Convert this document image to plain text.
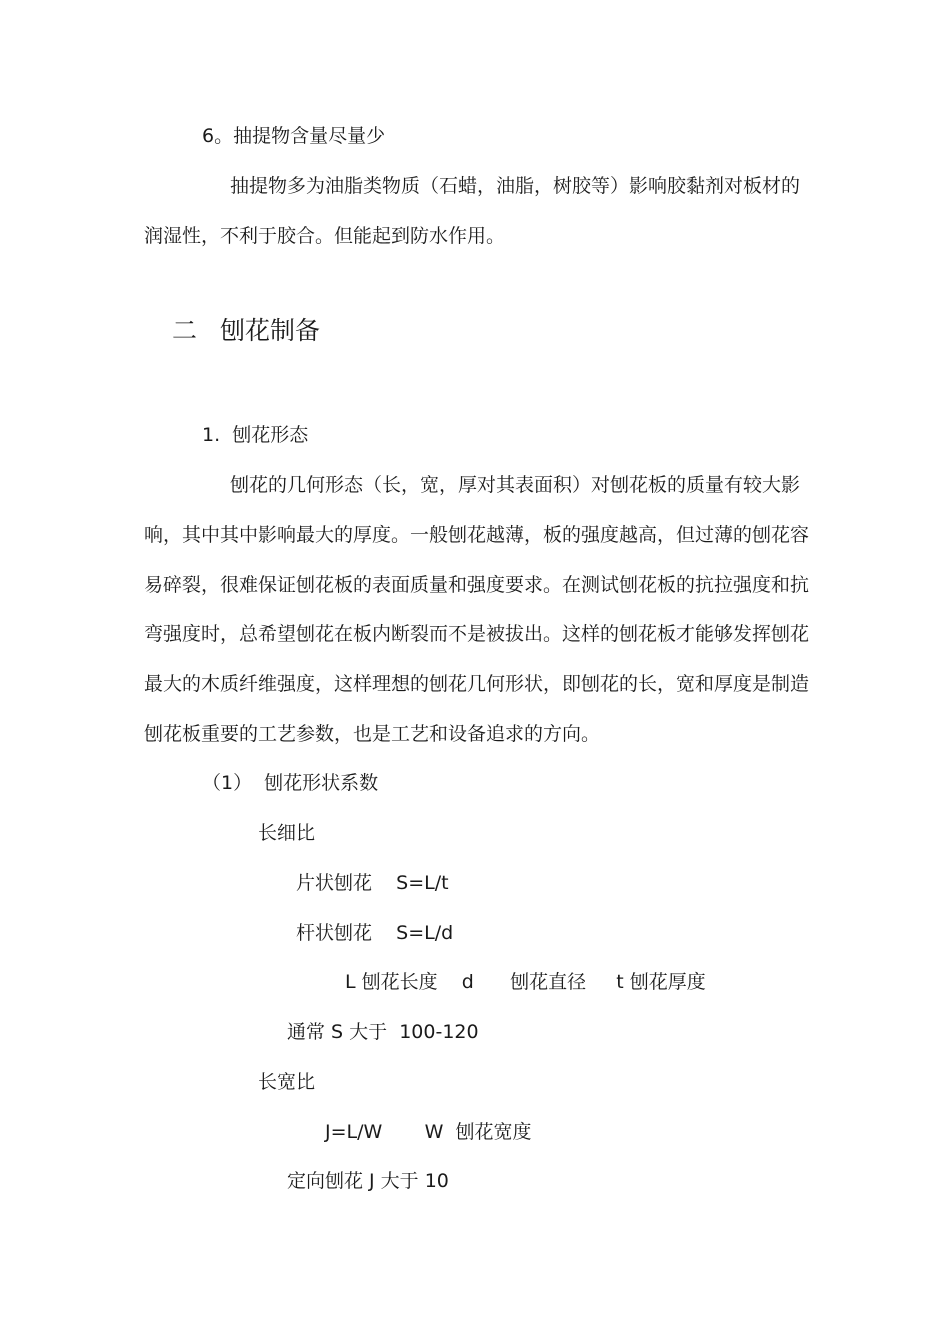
6。抽提物含量尽量少
抽提物多为油脂类物质（石蜡，油脂，树胶等）影响胶黏剂对板材的
润湿性，不利于胶合。但能起到防水作用。
二 刨花制备
1.  刨花形态
刨花的几何形态（长，宽，厚对其表面积）对刨花板的质量有较大影
响，其中其中影响最大的厚度。一般刨花越薄，板的强度越高，但过薄的刨花容
易碎裂，很难保证刨花板的表面质量和强度要求。在测试刨花板的抗拉强度和抗
弯强度时，总希望刨花在板内断裂而不是被拔出。这样的刨花板才能够发挥刨花
最大的木质纤维强度，这样理想的刨花几何形状，即刨花的长，宽和厚度是制造
刨花板重要的工艺参数，也是工艺和设备追求的方向。
（1）  刨花形状系数
长细比
片状刨花    S=L/t
杆状刨花    S=L/d
L 刨花长度    d      刨花直径     t 刨花厚度
通常 S 大于  100-120
长宽比
J=L/W       W  刨花宽度
定向刨花 J 大于 10
